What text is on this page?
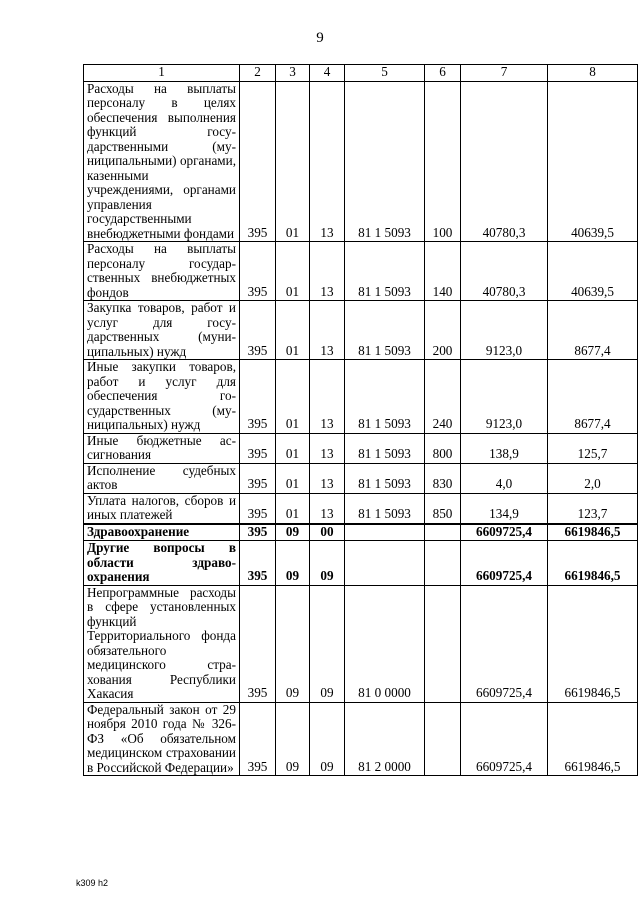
9
1	2	3	4	5	6	7	8
Расходы на выплаты персоналу в целях обеспечения выполнения функций государственными (муниципальными) органами, казенными учреждениями, органами управления государственными внебюджетными фондами	395	01	13	81 1 5093	100	40780,3	40639,5
Расходы на выплаты персоналу государственных внебюджетных фондов	395	01	13	81 1 5093	140	40780,3	40639,5
Закупка товаров, работ и услуг для государственных (муниципальных) нужд	395	01	13	81 1 5093	200	9123,0	8677,4
Иные закупки товаров, работ и услуг для обеспечения государственных (муниципальных) нужд	395	01	13	81 1 5093	240	9123,0	8677,4
Иные бюджетные ассигнования	395	01	13	81 1 5093	800	138,9	125,7
Исполнение судебных актов	395	01	13	81 1 5093	830	4,0	2,0
Уплата налогов, сборов и иных платежей	395	01	13	81 1 5093	850	134,9	123,7
Здравоохранение	395	09	00			6609725,4	6619846,5
Другие вопросы в области здравоохранения	395	09	09			6609725,4	6619846,5
Непрограммные расходы в сфере установленных функций Территориального фонда обязательного медицинского страхования Республики Хакасия	395	09	09	81 0 0000		6609725,4	6619846,5
Федеральный закон от 29 ноября 2010 года № 326-ФЗ «Об обязательном медицинском страховании в Российской Федерации»	395	09	09	81 2 0000		6609725,4	6619846,5
k309 h2
